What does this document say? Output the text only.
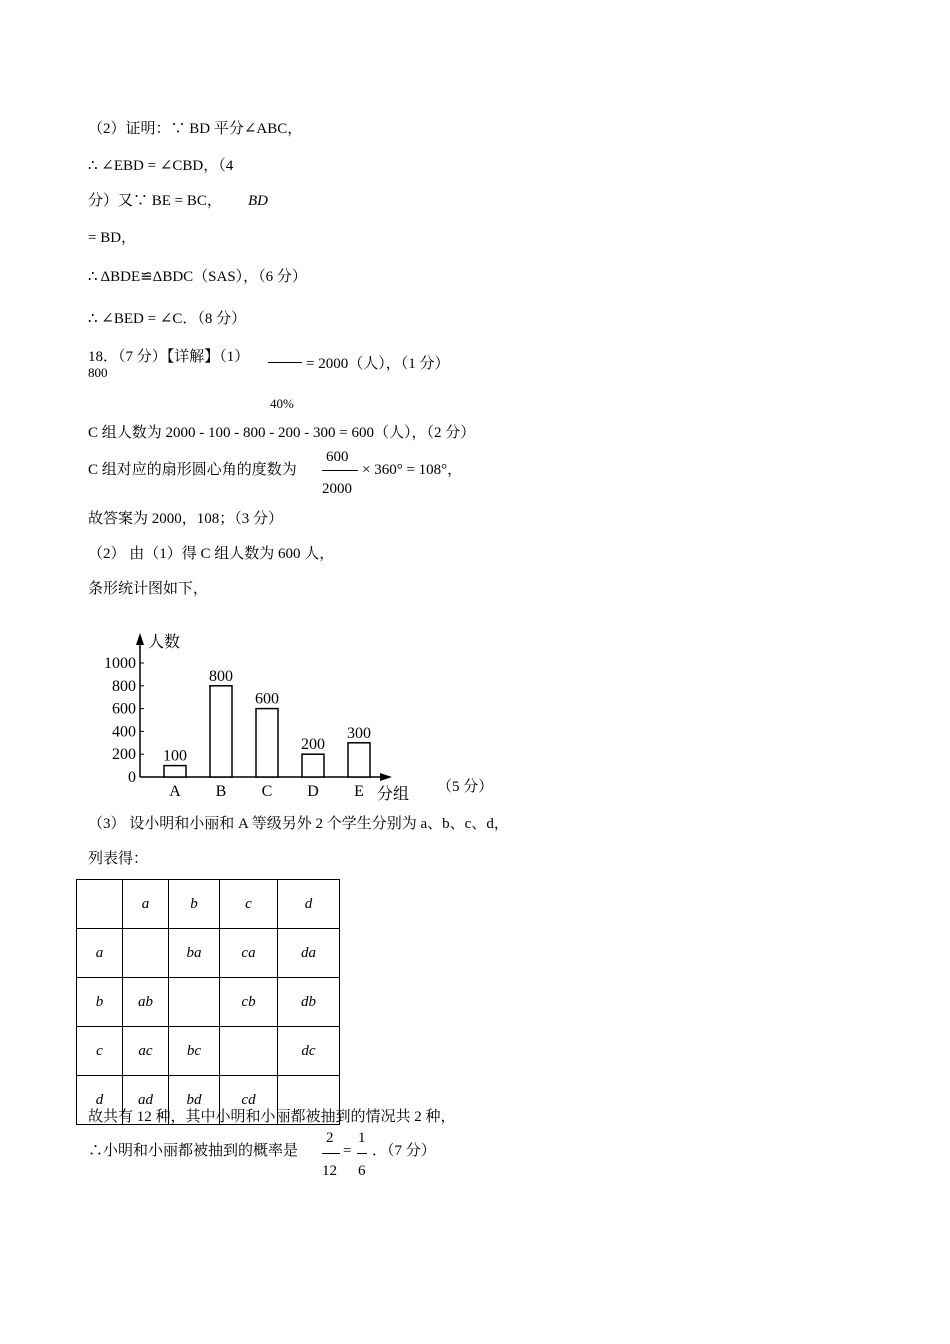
（2）证明：∵ BD 平分∠ABC，
∴ ∠EBD = ∠CBD，（4
分）又∵ BE = BC， BD
= BD，
∴ ΔBDE≌ΔBDC（SAS），（6 分）
∴ ∠BED = ∠C．（8 分）
18．（7 分）【详解】（1）
800
= 2000（人），（1 分）
40%
C 组人数为 2000 - 100 - 800 - 200 - 300 = 600（人），（2 分）
C 组对应的扇形圆心角的度数为
600
2000
× 360° = 108°，
故答案为 2000，108；（3 分）
（2） 由（1）得 C 组人数为 600 人，
条形统计图如下，
人数
分组
0
200
400
600
800
1000
100
A
800
B
600
C
200
D
300
E	（5 分）
（3） 设小明和小丽和 A 等级另外 2 个学生分别为 a、b、c、d，
列表得：
	a	b	c	d
a		ba	ca	da
b	ab		cb	db
c	ac	bc		dc
d	ad	bd	cd	
故共有 12 种，其中小明和小丽都被抽到的情况共 2 种，
∴小明和小丽都被抽到的概率是
2
12
=
1
6
．（7 分）
